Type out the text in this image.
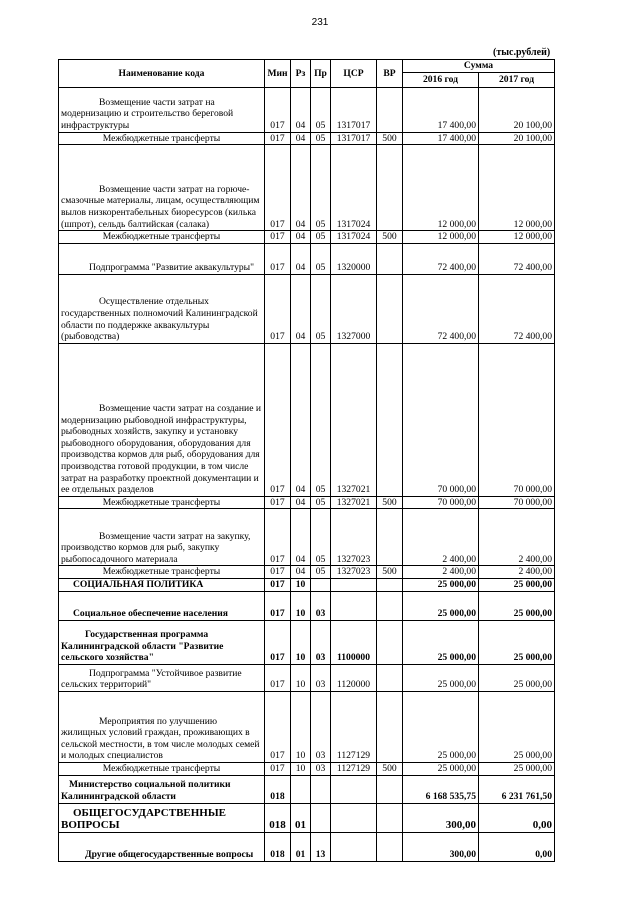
231
(тыс.рублей)
Наименование кода	Мин	Рз	Пр	ЦСР	ВР	Сумма	
						2016 год	2017 год
Возмещение части затрат на модернизацию и строительство береговой инфраструктуры	017	04	05	1317017		17 400,00	20 100,00
Межбюджетные трансферты	017	04	05	1317017	500	17 400,00	20 100,00
Возмещение части затрат на горюче-смазочные материалы, лицам, осуществляющим вылов низкорентабельных биоресурсов (килька (шпрот), сельдь балтийская (салака)	017	04	05	1317024		12 000,00	12 000,00
Межбюджетные трансферты	017	04	05	1317024	500	12 000,00	12 000,00
Подпрограмма "Развитие аквакультуры"	017	04	05	1320000		72 400,00	72 400,00
Осуществление отдельных государственных полномочий Калининградской области по поддержке аквакультуры (рыбоводства)	017	04	05	1327000		72 400,00	72 400,00
Возмещение части затрат на создание и модернизацию рыбоводной инфраструктуры, рыбоводных хозяйств, закупку и установку рыбоводного оборудования, оборудования для производства кормов для рыб, оборудования для производства готовой продукции, в том числе затрат на разработку проектной документации и ее отдельных разделов	017	04	05	1327021		70 000,00	70 000,00
Межбюджетные трансферты	017	04	05	1327021	500	70 000,00	70 000,00
Возмещение части затрат на закупку, производство кормов для рыб, закупку рыбопосадочного материала	017	04	05	1327023		2 400,00	2 400,00
Межбюджетные трансферты	017	04	05	1327023	500	2 400,00	2 400,00
СОЦИАЛЬНАЯ ПОЛИТИКА	017	10				25 000,00	25 000,00
Социальное обеспечение населения	017	10	03			25 000,00	25 000,00
Государственная программа Калининградской области "Развитие сельского хозяйства"	017	10	03	1100000		25 000,00	25 000,00
Подпрограмма "Устойчивое развитие сельских территорий"	017	10	03	1120000		25 000,00	25 000,00
Мероприятия по улучшению жилищных условий граждан, проживающих в сельской местности, в том числе молодых семей и молодых специалистов	017	10	03	1127129		25 000,00	25 000,00
Межбюджетные трансферты	017	10	03	1127129	500	25 000,00	25 000,00
Министерство социальной политики Калининградской области	018					6 168 535,75	6 231 761,50
ОБЩЕГОСУДАРСТВЕННЫЕ ВОПРОСЫ	018	01				300,00	0,00
Другие общегосударственные вопросы	018	01	13			300,00	0,00
